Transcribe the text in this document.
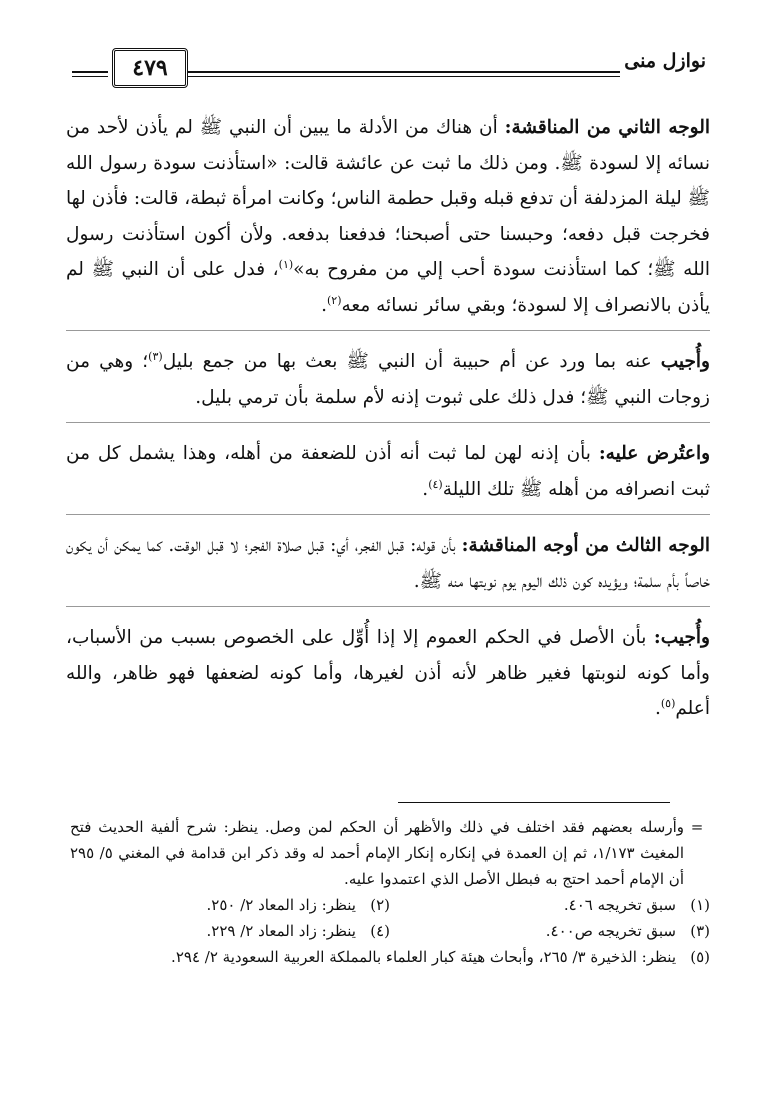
نوازل منى
٤٧٩

الوجه الثاني من المناقشة: أن هناك من الأدلة ما يبين أن النبي ﷺ لم يأذن لأحد من نسائه إلا لسودة ﷺ. ومن ذلك ما ثبت عن عائشة قالت: «استأذنت سودة رسول الله ﷺ ليلة المزدلفة أن تدفع قبله وقبل حطمة الناس؛ وكانت امرأة ثبطة، قالت: فأذن لها فخرجت قبل دفعه؛ وحبسنا حتى أصبحنا؛ فدفعنا بدفعه. ولأن أكون استأذنت رسول الله ﷺ؛ كما استأذنت سودة أحب إلي من مفروح به»$^{(١)}$، فدل على أن النبي ﷺ لم يأذن بالانصراف إلا لسودة؛ وبقي سائر نسائه معه$^{(٢)}$.

وأُجيب عنه بما ورد عن أم حبيبة أن النبي ﷺ بعث بها من جمع بليل$^{(٣)}$؛ وهي من زوجات النبي ﷺ؛ فدل ذلك على ثبوت إذنه لأم سلمة بأن ترمي بليل.

واعتُرض عليه: بأن إذنه لهن لما ثبت أنه أذن للضعفة من أهله، وهذا يشمل كل من ثبت انصرافه من أهله ﷺ تلك الليلة$^{(٤)}$.

الوجه الثالث من أوجه المناقشة: بأن قوله: قبل الفجر، أي: قبل صلاة الفجر؛ لا قبل الوقت. كما يمكن أن يكون خاصاً بأم سلمة؛ ويؤيده كون ذلك اليوم يوم نوبتها منه ﷺ.

وأُجيب: بأن الأصل في الحكم العموم إلا إذا أُوِّل على الخصوص بسبب من الأسباب، وأما كونه لنوبتها فغير ظاهر لأنه أذن لغيرها، وأما كونه لضعفها فهو ظاهر، والله أعلم$^{(٥)}$.

=
وأرسله بعضهم فقد اختلف في ذلك والأظهر أن الحكم لمن وصل. ينظر: شرح ألفية الحديث فتح المغيث ١/١٧٣، ثم إن العمدة في إنكاره إنكار الإمام أحمد له وقد ذكر ابن قدامة في المغني ٥/ ٢٩٥ أن الإمام أحمد احتج به فبطل الأصل الذي اعتمدوا عليه.
(١)
سبق تخريجه ٤٠٦.
(٢)
ينظر: زاد المعاد ٢/ ٢٥٠.
(٣)
سبق تخريجه ص٤٠٠.
(٤)
ينظر: زاد المعاد ٢/ ٢٢٩.
(٥)
ينظر: الذخيرة ٣/ ٢٦٥، وأبحاث هيئة كبار العلماء بالمملكة العربية السعودية ٢/ ٢٩٤.
